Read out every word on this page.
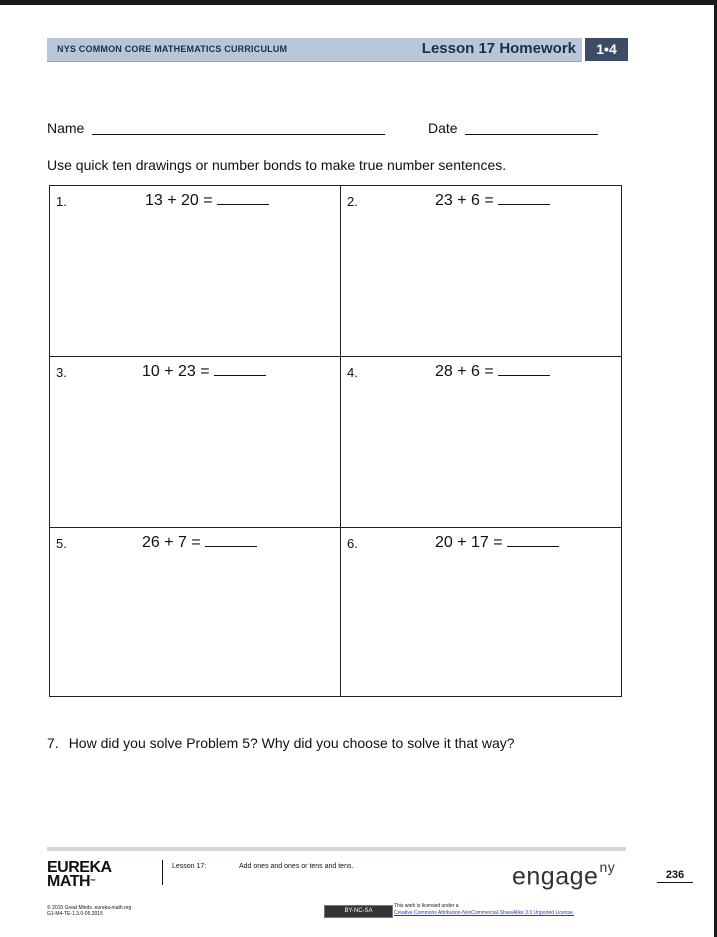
NYS COMMON CORE MATHEMATICS CURRICULUM	Lesson 17 Homework	1•4
Name	Date
Use quick ten drawings or number bonds to make true number sentences.
1.	13 + 20 =	2.	23 + 6 =
3.	10 + 23 =	4.	28 + 6 =
5.	26 + 7 =	6.	20 + 17 =
7. How did you solve Problem 5? Why did you choose to solve it that way?
EUREKA
MATH™
Lesson 17:	Add ones and ones or tens and tens.	engage$^{ny}$	236
© 2015 Great Minds. eureka-math.org
G1-M4-TE-1.3.0-05.2015	BY-NC-SA
This work is licensed under a
Creative Commons Attribution-NonCommercial-ShareAlike 3.0 Unported License.
